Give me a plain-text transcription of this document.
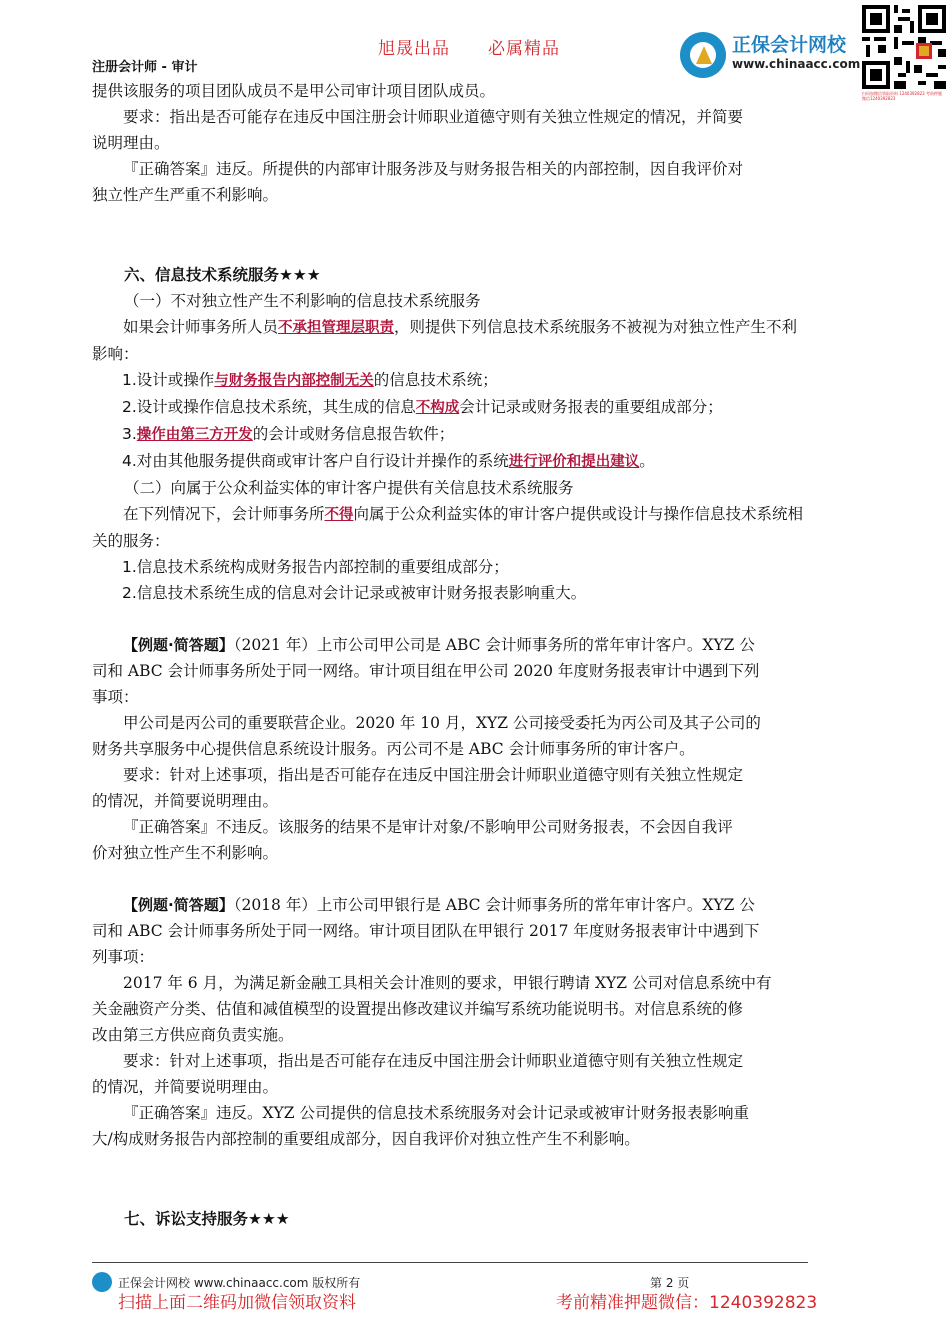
旭晟出品 必属精品	正保会计网校
www.chinaacc.com
扫码加微信领取资料 1240392823 考前押题 微信1240392823
注册会计师 - 审计

提供该服务的项目团队成员不是甲公司审计项目团队成员。

要求：指出是否可能存在违反中国注册会计师职业道德守则有关独立性规定的情况，并简要

说明理由。

『正确答案』违反。所提供的内部审计服务涉及与财务报告相关的内部控制，因自我评价对

独立性产生严重不利影响。

六、信息技术系统服务★★★

（一）不对独立性产生不利影响的信息技术系统服务

如果会计师事务所人员不承担管理层职责，则提供下列信息技术系统服务不被视为对独立性产生不利

影响：

1.设计或操作与财务报告内部控制无关的信息技术系统；

2.设计或操作信息技术系统，其生成的信息不构成会计记录或财务报表的重要组成部分；

3.操作由第三方开发的会计或财务信息报告软件；

4.对由其他服务提供商或审计客户自行设计并操作的系统进行评价和提出建议。

（二）向属于公众利益实体的审计客户提供有关信息技术系统服务

在下列情况下，会计师事务所不得向属于公众利益实体的审计客户提供或设计与操作信息技术系统相

关的服务：

1.信息技术系统构成财务报告内部控制的重要组成部分；

2.信息技术系统生成的信息对会计记录或被审计财务报表影响重大。

【例题·简答题】（2021 年）上市公司甲公司是 ABC 会计师事务所的常年审计客户。XYZ 公

司和 ABC 会计师事务所处于同一网络。审计项目组在甲公司 2020 年度财务报表审计中遇到下列

事项：

甲公司是丙公司的重要联营企业。2020 年 10 月，XYZ 公司接受委托为丙公司及其子公司的

财务共享服务中心提供信息系统设计服务。丙公司不是 ABC 会计师事务所的审计客户。

要求：针对上述事项，指出是否可能存在违反中国注册会计师职业道德守则有关独立性规定

的情况，并简要说明理由。

『正确答案』不违反。该服务的结果不是审计对象/不影响甲公司财务报表，不会因自我评

价对独立性产生不利影响。

【例题·简答题】（2018 年）上市公司甲银行是 ABC 会计师事务所的常年审计客户。XYZ 公

司和 ABC 会计师事务所处于同一网络。审计项目团队在甲银行 2017 年度财务报表审计中遇到下

列事项：

2017 年 6 月，为满足新金融工具相关会计准则的要求，甲银行聘请 XYZ 公司对信息系统中有

关金融资产分类、估值和减值模型的设置提出修改建议并编写系统功能说明书。对信息系统的修

改由第三方供应商负责实施。

要求：针对上述事项，指出是否可能存在违反中国注册会计师职业道德守则有关独立性规定

的情况，并简要说明理由。

『正确答案』违反。XYZ 公司提供的信息技术系统服务对会计记录或被审计财务报表影响重

大/构成财务报告内部控制的重要组成部分，因自我评价对独立性产生不利影响。

七、诉讼支持服务★★★

正保会计网校 www.chinaacc.com 版权所有	第 2 页
扫描上面二维码加微信领取资料	考前精准押题微信：1240392823
